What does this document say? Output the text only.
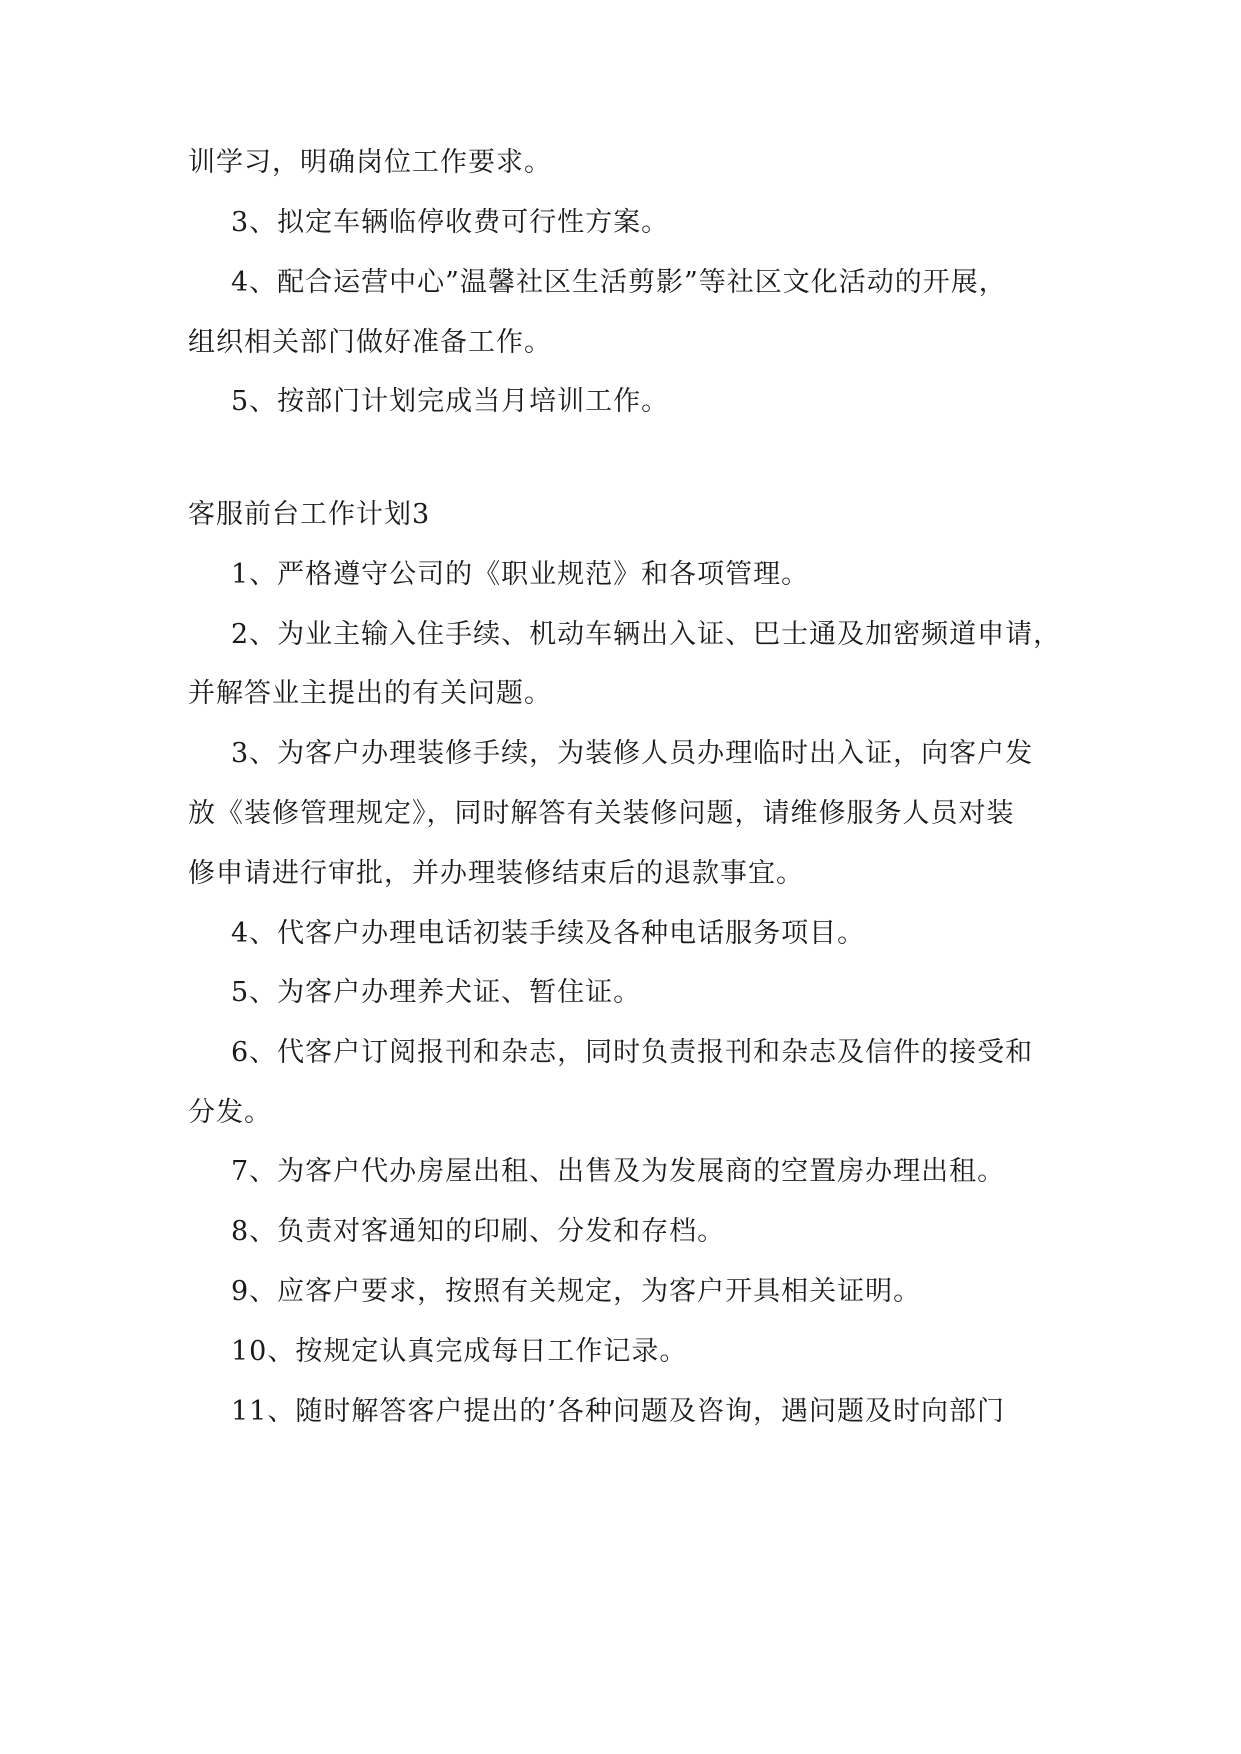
训学习，明确岗位工作要求。
3、拟定车辆临停收费可行性方案。
4、配合运营中心”温馨社区生活剪影”等社区文化活动的开展，
组织相关部门做好准备工作。
5、按部门计划完成当月培训工作。
客服前台工作计划3
1、严格遵守公司的《职业规范》和各项管理。
2、为业主输入住手续、机动车辆出入证、巴士通及加密频道申请，
并解答业主提出的有关问题。
3、为客户办理装修手续，为装修人员办理临时出入证，向客户发
放《装修管理规定》，同时解答有关装修问题，请维修服务人员对装
修申请进行审批，并办理装修结束后的退款事宜。
4、代客户办理电话初装手续及各种电话服务项目。
5、为客户办理养犬证、暂住证。
6、代客户订阅报刊和杂志，同时负责报刊和杂志及信件的接受和
分发。
7、为客户代办房屋出租、出售及为发展商的空置房办理出租。
8、负责对客通知的印刷、分发和存档。
9、应客户要求，按照有关规定，为客户开具相关证明。
10、按规定认真完成每日工作记录。
11、随时解答客户提出的’各种问题及咨询，遇问题及时向部门
